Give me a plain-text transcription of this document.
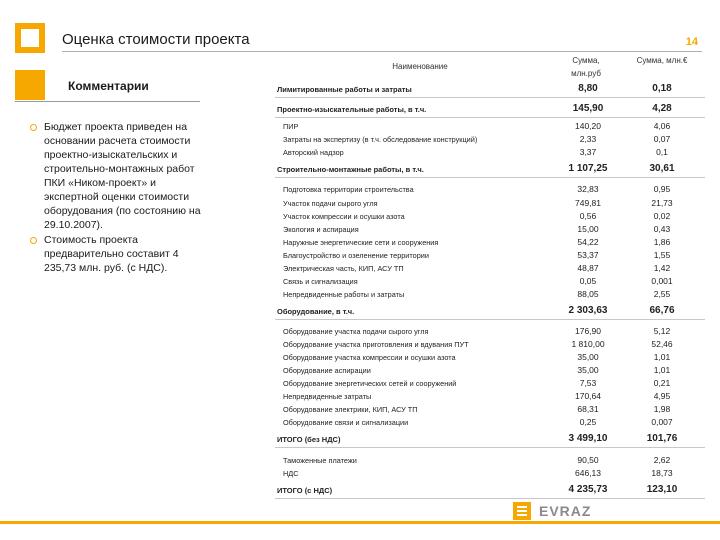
Оценка стоимости проекта	14
Комментарии
Бюджет проекта приведен на основании расчета стоимости проектно-изыскательских и строительно-монтажных работ ПКИ «Ником-проект» и экспертной оценки стоимости оборудования (по состоянию на 29.10.2007).
Стоимость проекта предварительно составит 4 235,73 млн. руб. (с НДС).
Наименование
Сумма, млн.руб
Сумма, млн.€
Лимитированные работы и затраты	8,80	0,18
Проектно-изыскательные работы, в т.ч.	145,90	4,28
ПИР	140,20	4,06
Затраты на экспертизу (в т.ч. обследование конструкций)	2,33	0,07
Авторский надзор	3,37	0,1
Строительно-монтажные работы, в т.ч.	1 107,25	30,61
Подготовка территории строительства	32,83	0,95
Участок подачи сырого угля	749,81	21,73
Участок компрессии и осушки азота	0,56	0,02
Экология и аспирация	15,00	0,43
Наружные энергетические сети и сооружения	54,22	1,86
Благоустройство и озеленение территории	53,37	1,55
Электрическая часть, КИП, АСУ ТП	48,87	1,42
Связь и сигнализация	0,05	0,001
Непредвиденные работы и затраты	88,05	2,55
Оборудование, в т.ч.	2 303,63	66,76
Оборудование участка подачи сырого угля	176,90	5,12
Оборудование участка приготовления и вдувания ПУТ	1 810,00	52,46
Оборудование участка компрессии и осушки азота	35,00	1,01
Оборудование аспирации	35,00	1,01
Оборудование энергетических сетей и сооружений	7,53	0,21
Непредвиденные затраты	170,64	4,95
Оборудование электрики, КИП, АСУ ТП	68,31	1,98
Оборудование связи и сигнализации	0,25	0,007
ИТОГО (без НДС)	3 499,10	101,76
Таможенные платежи	90,50	2,62
НДС	646,13	18,73
ИТОГО (с НДС)	4 235,73	123,10
EVRAZ
